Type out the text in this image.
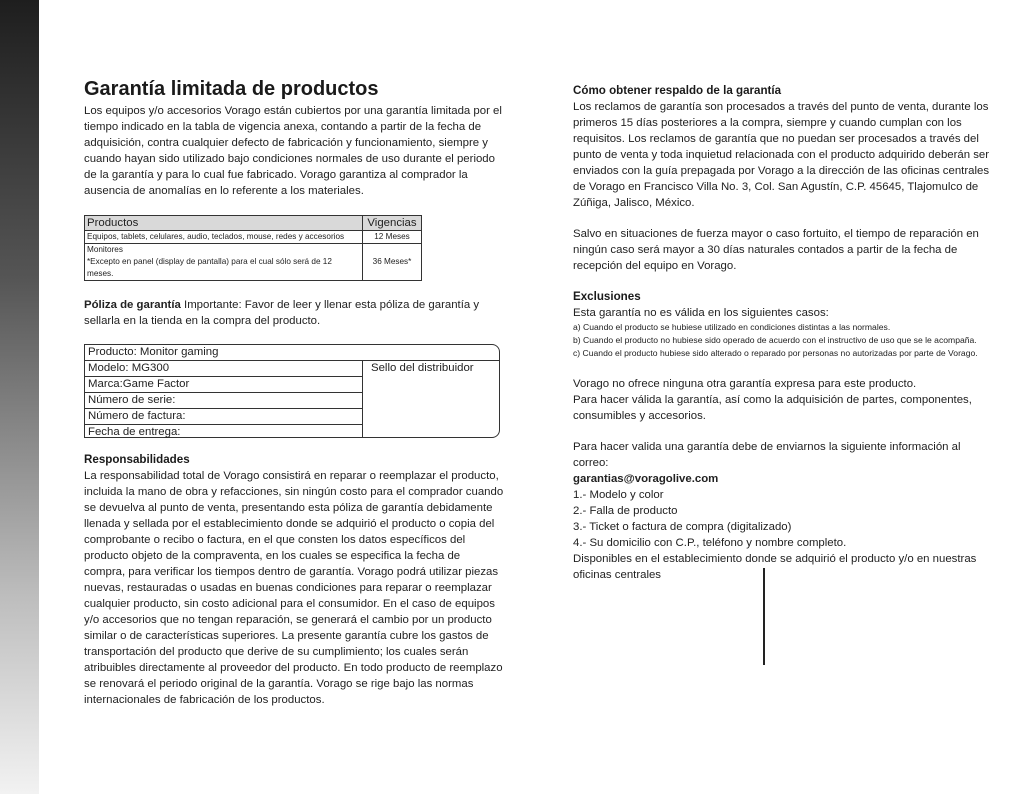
Garantía limitada de productos

Los equipos y/o accesorios Vorago están cubiertos por una garantía limitada por el tiempo indicado en la tabla de vigencia anexa, contando a partir de la fecha de adquisición, contra cualquier defecto de fabricación y funcionamiento, siempre y cuando hayan sido utilizado bajo condiciones normales de uso durante el periodo de la garantía y para lo cual fue fabricado. Vorago garantiza al comprador la ausencia de anomalías en lo referente a los materiales.

Productos	Vigencias
Equipos, tablets, celulares, audio, teclados, mouse, redes y accesorios	12 Meses

Monitores
*Excepto en panel (display de pantalla) para el cual sólo será de 12 meses.	36 Meses*

Póliza de garantía Importante: Favor de leer y llenar esta póliza de garantía y sellarla en la tienda en la compra del producto.

Producto: Monitor gaming
Modelo: MG300
Marca:Game Factor
Número de serie:
Número de factura:
Fecha de entrega:
Sello del distribuidor
Responsabilidades

La responsabilidad total de Vorago consistirá en reparar o reemplazar el producto, incluida la mano de obra y refacciones, sin ningún costo para el comprador cuando se devuelva al punto de venta, presentando esta póliza de garantía debidamente llenada y sellada por el establecimiento donde se adquirió el producto o copia del comprobante o recibo o factura, en el que consten los datos específicos del producto objeto de la compraventa, en los cuales se especifica la fecha de compra, para verificar los tiempos dentro de garantía. Vorago podrá utilizar piezas nuevas, restauradas o usadas en buenas condiciones para reparar o reemplazar cualquier producto, sin costo adicional para el consumidor. En el caso de equipos y/o accesorios que no tengan reparación, se generará el cambio por un producto similar o de características superiores. La presente garantía cubre los gastos de transportación del producto que derive de su cumplimiento; los cuales serán atribuibles directamente al proveedor del producto. En todo producto de reemplazo se renovará el periodo original de la garantía. Vorago se rige bajo las normas internacionales de fabricación de los productos.

Cómo obtener respaldo de la garantía

Los reclamos de garantía son procesados a través del punto de venta, durante los primeros 15 días posteriores a la compra, siempre y cuando cumplan con los requisitos. Los reclamos de garantía que no puedan ser procesados a través del punto de venta y toda inquietud relacionada con el producto adquirido deberán ser enviados con la guía prepagada por Vorago a la dirección de las oficinas centrales de Vorago en Francisco Villa No. 3, Col. San Agustín, C.P. 45645, Tlajomulco de Zúñiga, Jalisco, México.

Salvo en situaciones de fuerza mayor o caso fortuito, el tiempo de reparación en ningún caso será mayor a 30 días naturales contados a partir de la fecha de recepción del equipo en Vorago.

Exclusiones

Esta garantía no es válida en los siguientes casos:

a) Cuando el producto se hubiese utilizado en condiciones distintas a las normales.

b) Cuando el producto no hubiese sido operado de acuerdo con el instructivo de uso que se le acompaña.

c) Cuando el producto hubiese sido alterado o reparado por personas no autorizadas por parte de Vorago.

Vorago no ofrece ninguna otra garantía expresa para este producto.

Para hacer válida la garantía, así como la adquisición de partes, componentes, consumibles y accesorios.

Para hacer valida una garantía debe de enviarnos la siguiente información al correo:

garantias@voragolive.com

1.- Modelo y color

2.- Falla de producto

3.- Ticket o factura de compra (digitalizado)

4.- Su domicilio con C.P., teléfono y nombre completo.

Disponibles en el establecimiento donde se adquirió el producto y/o en nuestras oficinas centrales
